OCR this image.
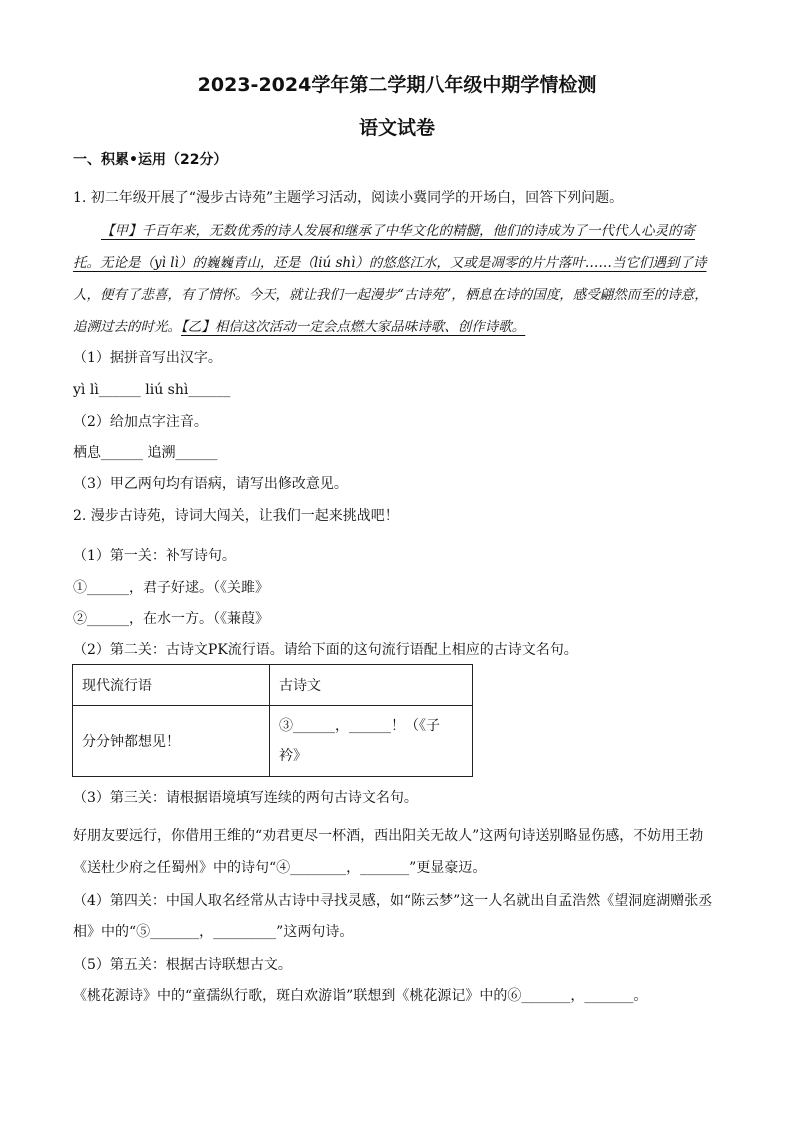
2023-2024学年第二学期八年级中期学情检测
语文试卷
一、积累•运用（22分）
1. 初二年级开展了“漫步古诗苑”主题学习活动，阅读小冀同学的开场白，回答下列问题。
【甲】千百年来，无数优秀的诗人发展和继承了中华文化的精髓，他们的诗成为了一代代人心灵的寄
托。无论是（yì lì）的巍巍青山，还是（liú shì）的悠悠江水，又或是凋零的片片落叶……当它们遇到了诗
人，便有了悲喜，有了情怀。今天，就让我们一起漫步“古诗苑”，栖息在诗的国度，感受翩然而至的诗意，
追溯过去的时光。【乙】相信这次活动一定会点燃大家品味诗歌、创作诗歌。
（1）据拼音写出汉字。
yì lì______ liú shì______
（2）给加点字注音。
栖息______ 追溯______
（3）甲乙两句均有语病，请写出修改意见。
2. 漫步古诗苑，诗词大闯关，让我们一起来挑战吧！
（1）第一关：补写诗句。
①______，君子好逑。（《关雎》
②______，在水一方。（《蒹葭》
（2）第二关：古诗文PK流行语。请给下面的这句流行语配上相应的古诗文名句。
现代流行语	古诗文
分分钟都想见！	③______，______！（《子
衿》
（3）第三关：请根据语境填写连续的两句古诗文名句。
好朋友要远行，你借用王维的“劝君更尽一杯酒，西出阳关无故人”这两句诗送别略显伤感，不妨用王勃
《送杜少府之任蜀州》中的诗句“④________，_______”更显豪迈。
（4）第四关：中国人取名经常从古诗中寻找灵感，如“陈云梦”这一人名就出自孟浩然《望洞庭湖赠张丞
相》中的“⑤_______，_________”这两句诗。
（5）第五关：根据古诗联想古文。
《桃花源诗》中的“童孺纵行歌，斑白欢游诣”联想到《桃花源记》中的⑥_______，_______。
